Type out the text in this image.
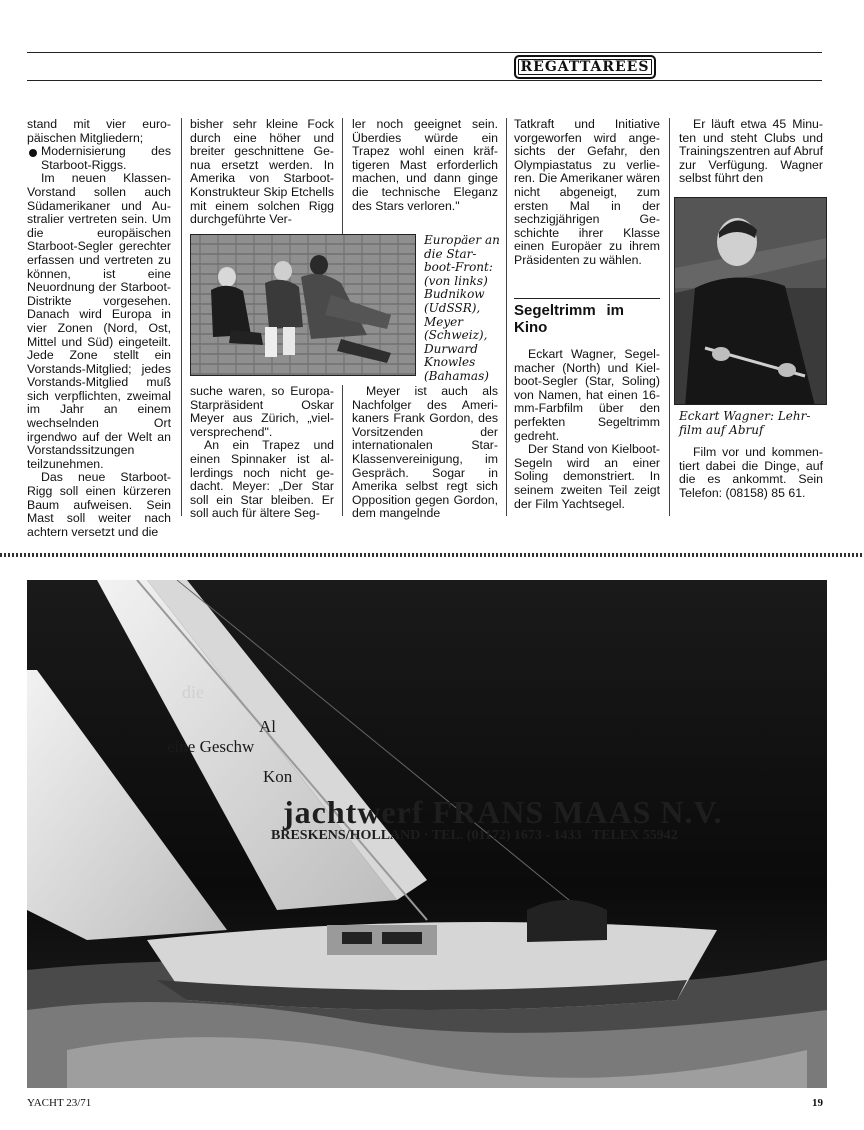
REGATTAREES

stand mit vier europäischen Mitgliedern;

Modernisierung des Starboot-Riggs.

Im neuen Klassen-Vorstand sollen auch Südamerikaner und Australier vertreten sein. Um die europäischen Starboot-Segler gerechter erfassen und vertreten zu können, ist eine Neuordnung der Starboot-Distrikte vorgesehen. Danach wird Europa in vier Zonen (Nord, Ost, Mittel und Süd) eingeteilt. Jede Zone stellt ein Vorstands-Mitglied; jedes Vorstands-Mitglied muß sich verpflichten, zweimal im Jahr an einem wechselnden Ort irgendwo auf der Welt an Vorstandssitzungen teilzunehmen.

Das neue Starboot-Rigg soll einen kürzeren Baum aufweisen. Sein Mast soll weiter nach achtern versetzt und die

bisher sehr kleine Fock durch eine höher und breiter geschnittene Genua ersetzt werden. In Amerika von Starboot-Konstrukteur Skip Etchells mit einem solchen Rigg durchgeführte Ver-

ler noch geeignet sein. Überdies würde ein Trapez wohl einen kräftigeren Mast erforderlich machen, und dann ginge die technische Eleganz des Stars verloren."

Europäer an die Starboot-Front: (von links) Budnikow (UdSSR), Meyer (Schweiz), Durward Knowles (Bahamas)

suche waren, so Europa-Starpräsident Oskar Meyer aus Zürich, „vielversprechend".

An ein Trapez und einen Spinnaker ist allerdings noch nicht gedacht. Meyer: „Der Star soll ein Star bleiben. Er soll auch für ältere Seg-

Meyer ist auch als Nachfolger des Amerikaners Frank Gordon, des Vorsitzenden der internationalen Star-Klassenvereinigung, im Gespräch. Sogar in Amerika selbst regt sich Opposition gegen Gordon, dem mangelnde

Tatkraft und Initiative vorgeworfen wird angesichts der Gefahr, den Olympiastatus zu verlieren. Die Amerikaner wären nicht abgeneigt, zum ersten Mal in der sechzigjährigen Geschichte ihrer Klasse einen Europäer zu ihrem Präsidenten zu wählen.

Segeltrimm im Kino

Eckart Wagner, Segelmacher (North) und Kielboot-Segler (Star, Soling) von Namen, hat einen 16-mm-Farbfilm über den perfekten Segeltrimm gedreht.

Der Stand von Kielboot-Segeln wird an einer Soling demonstriert. In seinem zweiten Teil zeigt der Film Yachtsegel.

Er läuft etwa 45 Minuten und steht Clubs und Trainingszentren auf Abruf zur Verfügung. Wagner selbst führt den

Eckart Wagner: Lehrfilm auf Abruf

Film vor und kommentiert dabei die Dinge, auf die es ankommt. Sein Telefon: (08158) 85 61.

die
Al
eine Geschw
Kon
jachtwerf FRANS MAAS N.V.
BRESKENS/HOLLAND · TEL. (01172) 1673 - 1433   TELEX 55942
YACHT 23/71	19
